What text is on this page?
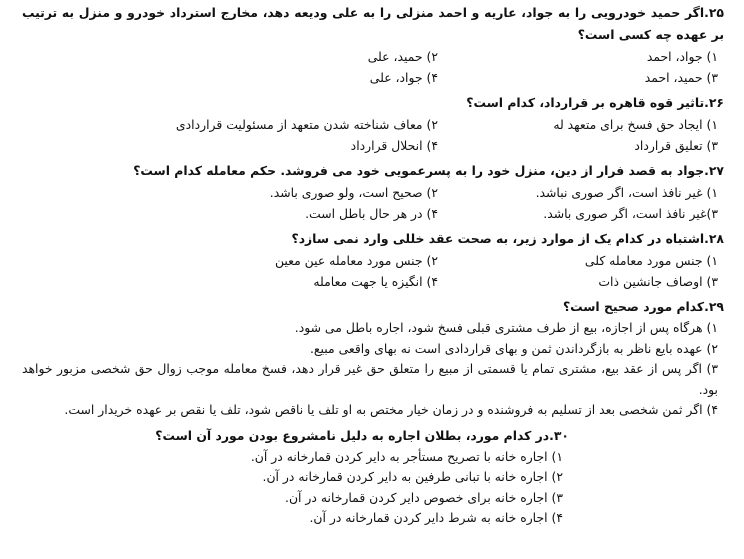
۲۵.اگر حمید خودرویی را به جواد، عاریه و احمد منزلی را به علی ودیعه دهد، مخارج استرداد خودرو و منزل به ترتیب بر عهده چه کسی است؟

۱) جواد، احمد
۲) حمید، علی
۳) حمید، احمد
۴) جواد، علی

۲۶.تاثیر قوه قاهره بر قرارداد، کدام است؟

۱) ایجاد حق فسخ برای متعهد له
۲) معاف شناخته شدن متعهد از مسئولیت قراردادی
۳) تعلیق قرارداد
۴) انحلال قرارداد

۲۷.جواد به قصد فرار از دین، منزل خود را به پسرعمویی خود می فروشد. حکم معامله کدام است؟

۱) غیر نافذ است، اگر صوری نباشد.
۲) صحیح است، ولو صوری باشد.
۳)غیر نافذ است، اگر صوری باشد.
۴) در هر حال باطل است.

۲۸.اشتباه در کدام یک از موارد زیر، به صحت عقد خللی وارد نمی سازد؟

۱) جنس مورد معامله کلی
۲) جنس مورد معامله عین معین
۳) اوصاف جانشین ذات
۴) انگیزه یا جهت معامله

۲۹.کدام مورد صحیح است؟

۱) هرگاه پس از اجازه، بیع از طرف مشتری قبلی فسخ شود، اجاره باطل می شود.
۲) عهده بایع ناظر به بازگرداندن ثمن و بهای قراردادی است نه بهای واقعی مبیع.
۳) اگر پس از عقد بیع، مشتری تمام یا قسمتی از مبیع را متعلق حق غیر قرار دهد، فسخ معامله موجب زوال حق شخصی مزبور خواهد بود.
۴) اگر ثمن شخصی بعد از تسلیم به فروشنده و در زمان خیار مختص به او تلف یا ناقص شود، تلف یا نقص بر عهده خریدار است.

۳۰.در کدام مورد، بطلان اجاره به دلیل نامشروع بودن مورد آن است؟

۱) اجاره خانه با تصریح مستأجر به دایر کردن قمارخانه در آن.
۲) اجاره خانه با تبانی طرفین به دایر کردن قمارخانه در آن.
۳) اجاره خانه برای خصوص دایر کردن قمارخانه در آن.
۴) اجاره خانه به شرط دایر کردن قمارخانه در آن.
